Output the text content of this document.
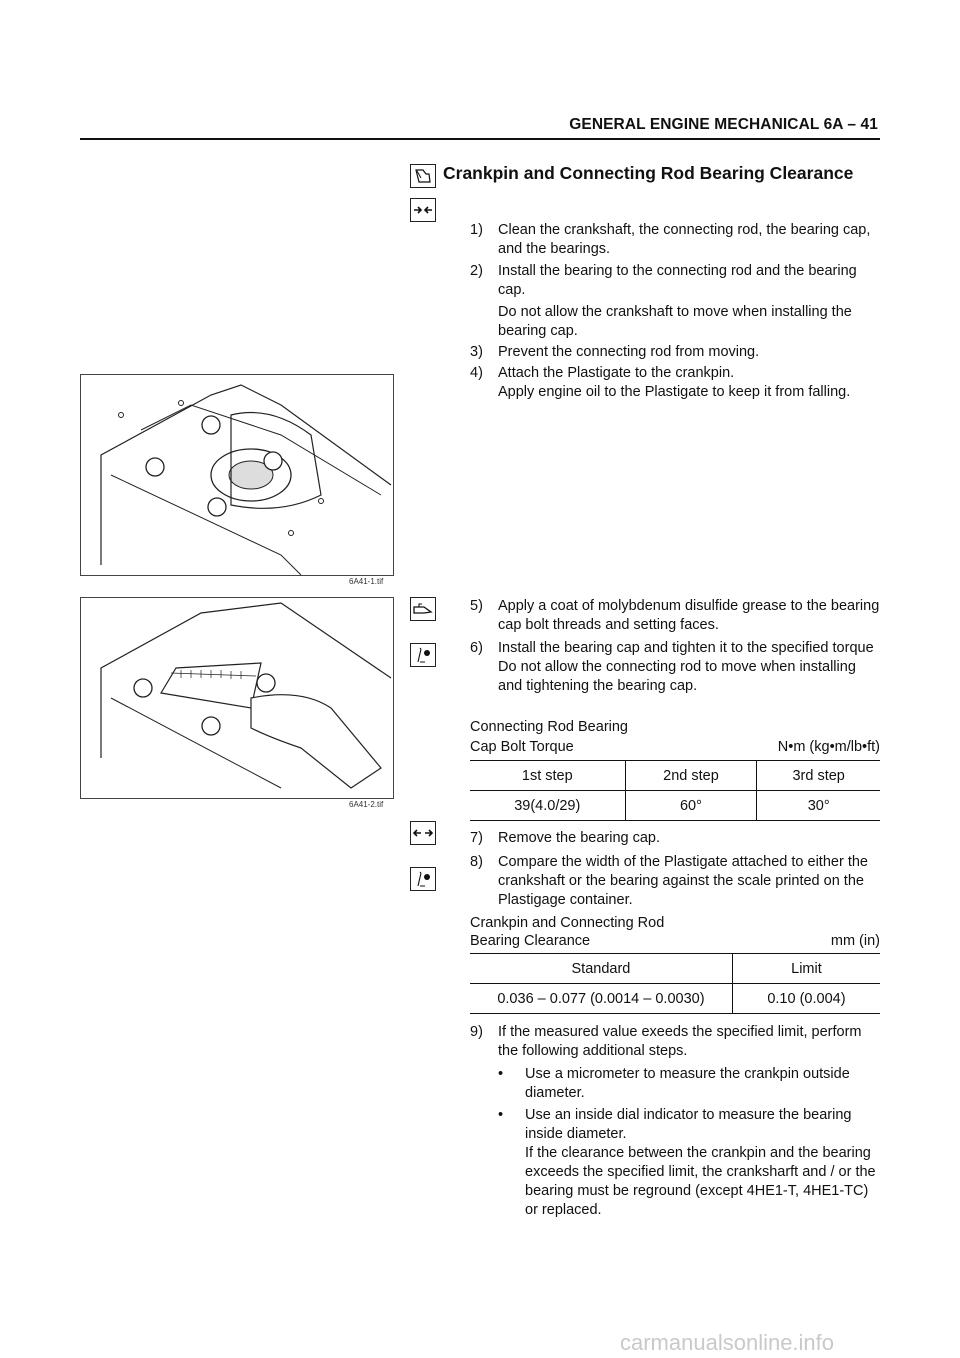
GENERAL ENGINE MECHANICAL 6A – 41
Crankpin and Connecting Rod Bearing Clearance
1) Clean the crankshaft, the connecting rod, the bearing cap, and the bearings.
2) Install the bearing to the connecting rod and the bearing cap.
Do not allow the crankshaft to move when installing the bearing cap.
3) Prevent the connecting rod from moving.
4) Attach the Plastigate to the crankpin.
Apply engine oil to the Plastigate to keep it from falling.
6A41-1.tif
6A41-2.tif
5) Apply a coat of molybdenum disulfide grease to the bearing cap bolt threads and setting faces.
6) Install the bearing cap and tighten it to the specified torque
Do not allow the connecting rod to move when installing and tightening the bearing cap.
Connecting Rod Bearing
Cap Bolt Torque	N•m (kg•m/lb•ft)
1st step	2nd step	3rd step
39(4.0/29)	60°	30°
7) Remove the bearing cap.
8) Compare the width of the Plastigate attached to either the crankshaft or the bearing against the scale printed on the Plastigage container.
Crankpin and Connecting Rod
Bearing Clearance	mm (in)
Standard	Limit
0.036 – 0.077 (0.0014 – 0.0030)	0.10 (0.004)
9) If the measured value exeeds the specified limit, perform the following additional steps.
• Use a micrometer to measure the crankpin outside diameter.
• Use an inside dial indicator to measure the bearing inside diameter.
If the clearance between the crankpin and the bearing exceeds the specified limit, the cranksharft and / or the bearing must be reground (except 4HE1-T, 4HE1-TC) or replaced.
carmanualsonline.info
